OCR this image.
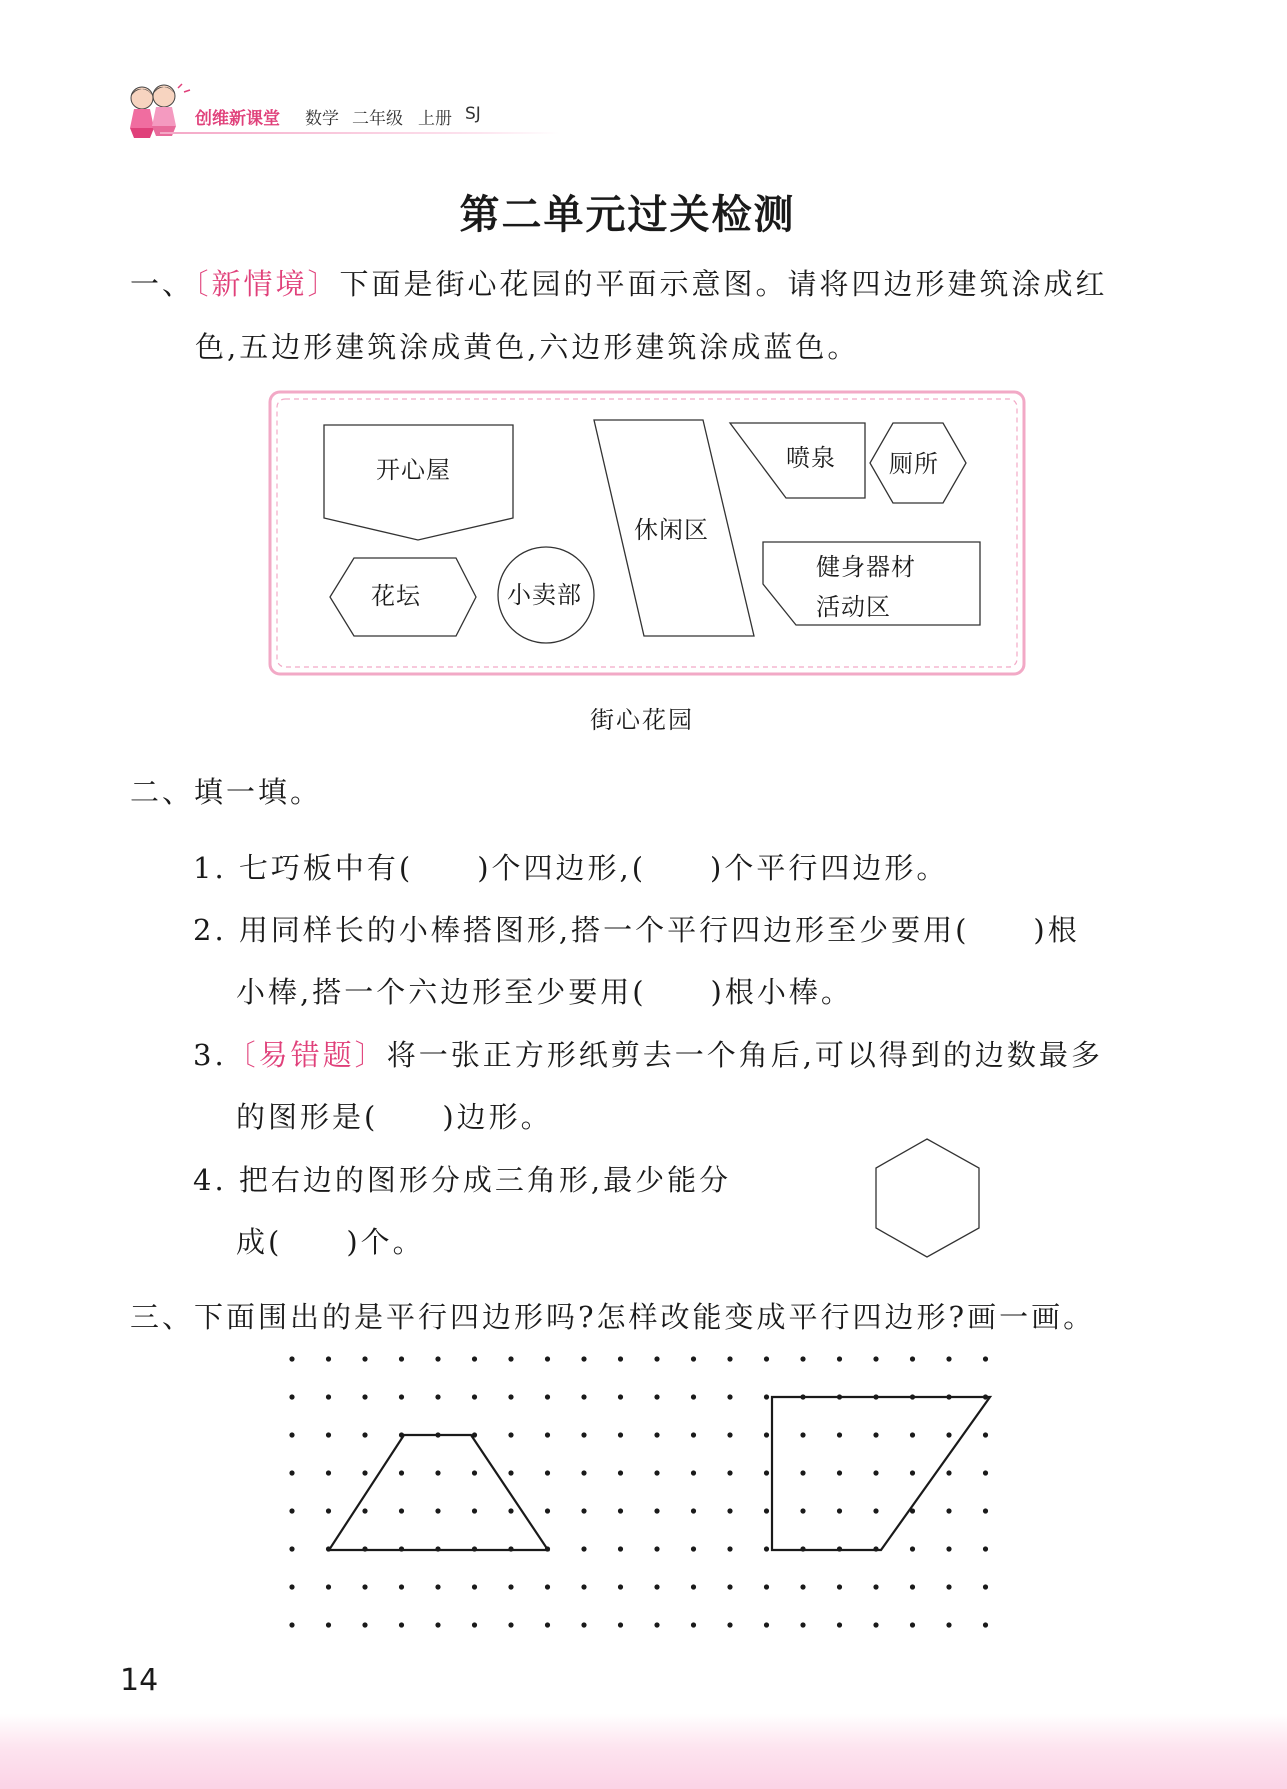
创维新课堂 数学 二年级 上册 SJ
第二单元过关检测
一、〔新情境〕下面是街心花园的平面示意图。请将四边形建筑涂成红
色,五边形建筑涂成黄色,六边形建筑涂成蓝色。
开心屋
休闲区
喷泉 厕所
花坛	小卖部
健身器材
活动区
街心花园
二、填一填。
1. 七巧板中有(　　)个四边形,(　　)个平行四边形。
2. 用同样长的小棒搭图形,搭一个平行四边形至少要用(　　)根
小棒,搭一个六边形至少要用(　　)根小棒。
3.〔易错题〕将一张正方形纸剪去一个角后,可以得到的边数最多
的图形是(　　)边形。
4. 把右边的图形分成三角形,最少能分
成(　　)个。
三、下面围出的是平行四边形吗?怎样改能变成平行四边形?画一画。
14
